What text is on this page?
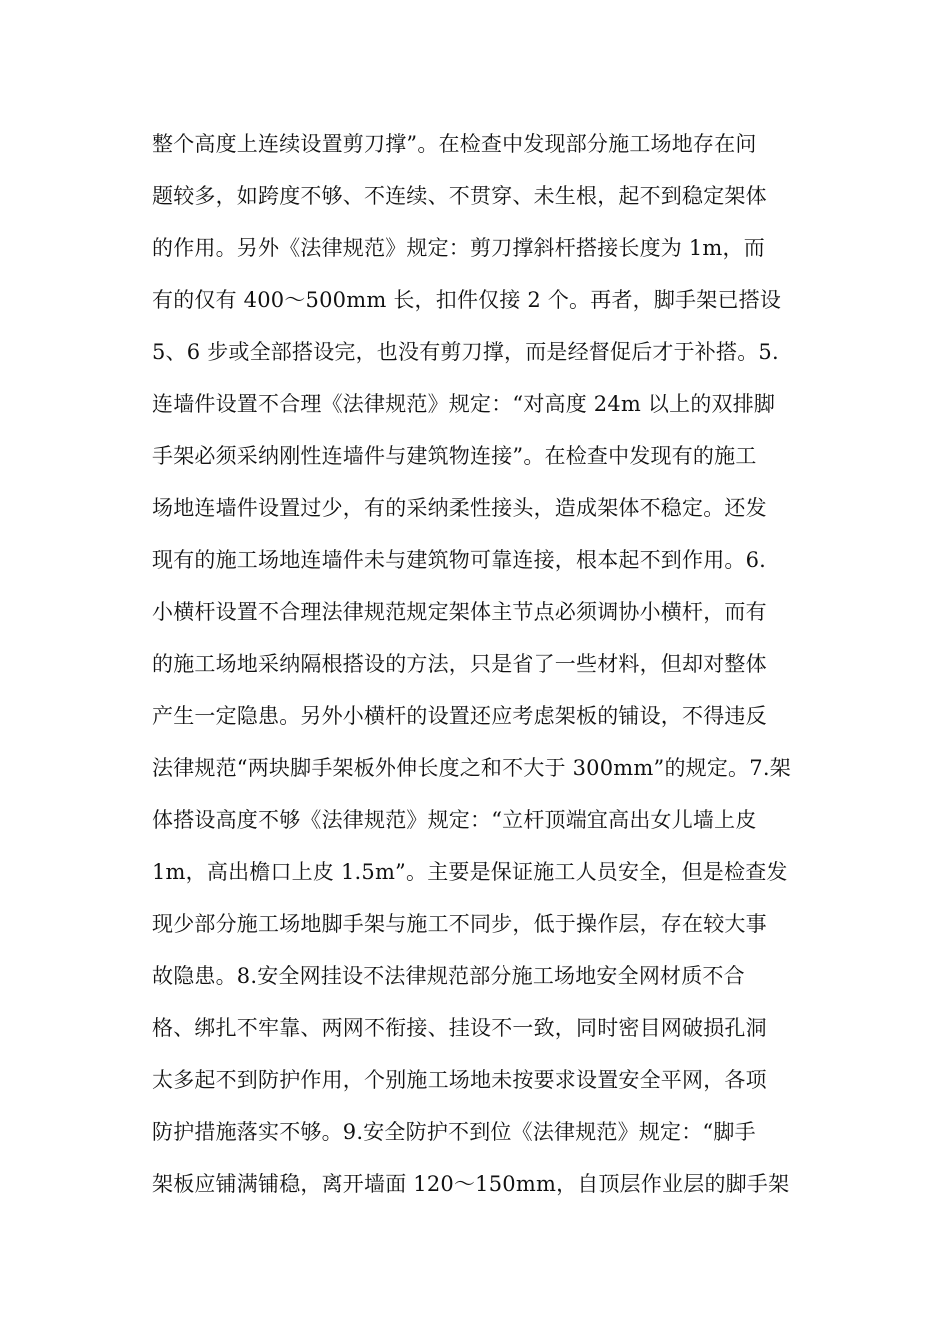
整个高度上连续设置剪刀撑”。在检查中发现部分施工场地存在问
题较多，如跨度不够、不连续、不贯穿、未生根，起不到稳定架体
的作用。另外《法律规范》规定：剪刀撑斜杆搭接长度为 1m，而
有的仅有 400～500mm 长，扣件仅接 2 个。再者，脚手架已搭设
5、6 步或全部搭设完，也没有剪刀撑，而是经督促后才于补搭。5.
连墙件设置不合理《法律规范》规定：“对高度 24m 以上的双排脚
手架必须采纳刚性连墙件与建筑物连接”。在检查中发现有的施工
场地连墙件设置过少，有的采纳柔性接头，造成架体不稳定。还发
现有的施工场地连墙件未与建筑物可靠连接，根本起不到作用。6.
小横杆设置不合理法律规范规定架体主节点必须调协小横杆，而有
的施工场地采纳隔根搭设的方法，只是省了一些材料，但却对整体
产生一定隐患。另外小横杆的设置还应考虑架板的铺设，不得违反
法律规范“两块脚手架板外伸长度之和不大于 300mm”的规定。7.架
体搭设高度不够《法律规范》规定：“立杆顶端宜高出女儿墙上皮
1m，高出檐口上皮 1.5m”。主要是保证施工人员安全，但是检查发
现少部分施工场地脚手架与施工不同步，低于操作层，存在较大事
故隐患。8.安全网挂设不法律规范部分施工场地安全网材质不合
格、绑扎不牢靠、两网不衔接、挂设不一致，同时密目网破损孔洞
太多起不到防护作用，个别施工场地未按要求设置安全平网，各项
防护措施落实不够。9.安全防护不到位《法律规范》规定：“脚手
架板应铺满铺稳，离开墙面 120～150mm，自顶层作业层的脚手架
